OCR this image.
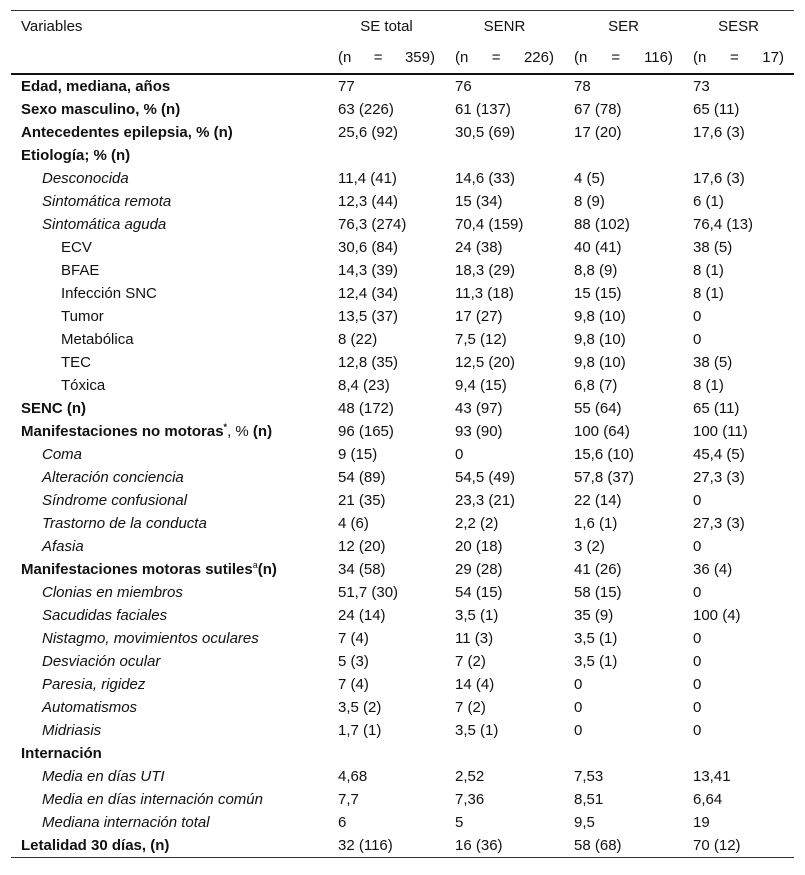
Variables	SE total	SENR	SER	SESR

	(n = 359)	(n = 226)	(n = 116)	(n = 17)

Edad, mediana, años	77	76	78	73
Sexo masculino, % (n)	63 (226)	61 (137)	67 (78)	65 (11)
Antecedentes epilepsia, % (n)	25,6 (92)	30,5 (69)	17 (20)	17,6 (3)
Etiología; % (n)				
Desconocida	11,4 (41)	14,6 (33)	4 (5)	17,6 (3)
Sintomática remota	12,3 (44)	15 (34)	8 (9)	6 (1)
Sintomática aguda	76,3 (274)	70,4 (159)	88 (102)	76,4 (13)
ECV	30,6 (84)	24 (38)	40 (41)	38 (5)
BFAE	14,3 (39)	18,3 (29)	8,8 (9)	8 (1)
Infección SNC	12,4 (34)	11,3 (18)	15 (15)	8 (1)
Tumor	13,5 (37)	17 (27)	9,8 (10)	0
Metabólica	8 (22)	7,5 (12)	9,8 (10)	0
TEC	12,8 (35)	12,5 (20)	9,8 (10)	38 (5)
Tóxica	8,4 (23)	9,4 (15)	6,8 (7)	8 (1)
SENC (n)	48 (172)	43 (97)	55 (64)	65 (11)
Manifestaciones no motoras*, % (n)	96 (165)	93 (90)	100 (64)	100 (11)
Coma	9 (15)	0	15,6 (10)	45,4 (5)
Alteración conciencia	54 (89)	54,5 (49)	57,8 (37)	27,3 (3)
Síndrome confusional	21 (35)	23,3 (21)	22 (14)	0
Trastorno de la conducta	4 (6)	2,2 (2)	1,6 (1)	27,3 (3)
Afasia	12 (20)	20 (18)	3 (2)	0
Manifestaciones motoras sutiles$^a$(n)	34 (58)	29 (28)	41 (26)	36 (4)
Clonias en miembros	51,7 (30)	54 (15)	58 (15)	0
Sacudidas faciales	24 (14)	3,5 (1)	35 (9)	100 (4)
Nistagmo, movimientos oculares	7 (4)	11 (3)	3,5 (1)	0
Desviación ocular	5 (3)	7 (2)	3,5 (1)	0
Paresia, rigidez	7 (4)	14 (4)	0	0
Automatismos	3,5 (2)	7 (2)	0	0
Midriasis	1,7 (1)	3,5 (1)	0	0
Internación				
Media en días UTI	4,68	2,52	7,53	13,41
Media en días internación común	7,7	7,36	8,51	6,64
Mediana internación total	6	5	9,5	19
Letalidad 30 días, (n)	32 (116)	16 (36)	58 (68)	70 (12)
